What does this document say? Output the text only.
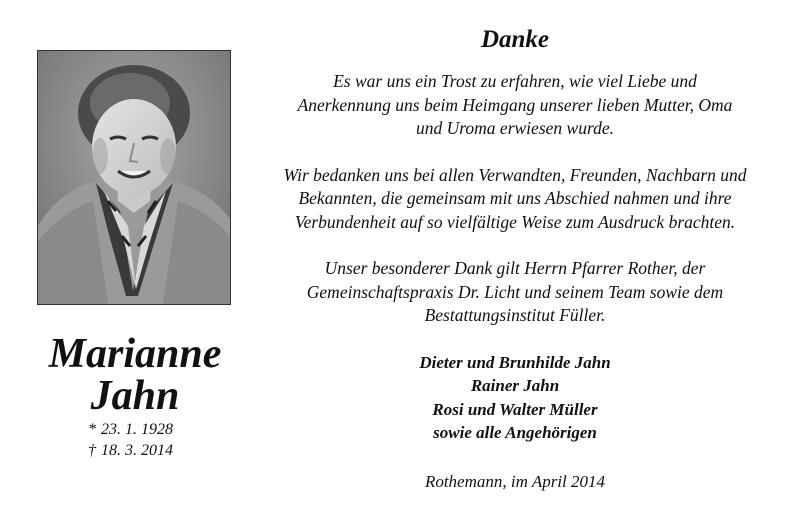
Marianne
Jahn
* 23. 1. 1928
† 18. 3. 2014
Danke
Es war uns ein Trost zu erfahren, wie viel Liebe und
Anerkennung uns beim Heimgang unserer lieben Mutter, Oma
und Uroma erwiesen wurde.
Wir bedanken uns bei allen Verwandten, Freunden, Nachbarn und
Bekannten, die gemeinsam mit uns Abschied nahmen und ihre
Verbundenheit auf so vielfältige Weise zum Ausdruck brachten.
Unser besonderer Dank gilt Herrn Pfarrer Rother, der
Gemeinschaftspraxis Dr. Licht und seinem Team sowie dem
Bestattungsinstitut Füller.
Dieter und Brunhilde Jahn
Rainer Jahn
Rosi und Walter Müller
sowie alle Angehörigen
Rothemann, im April 2014
